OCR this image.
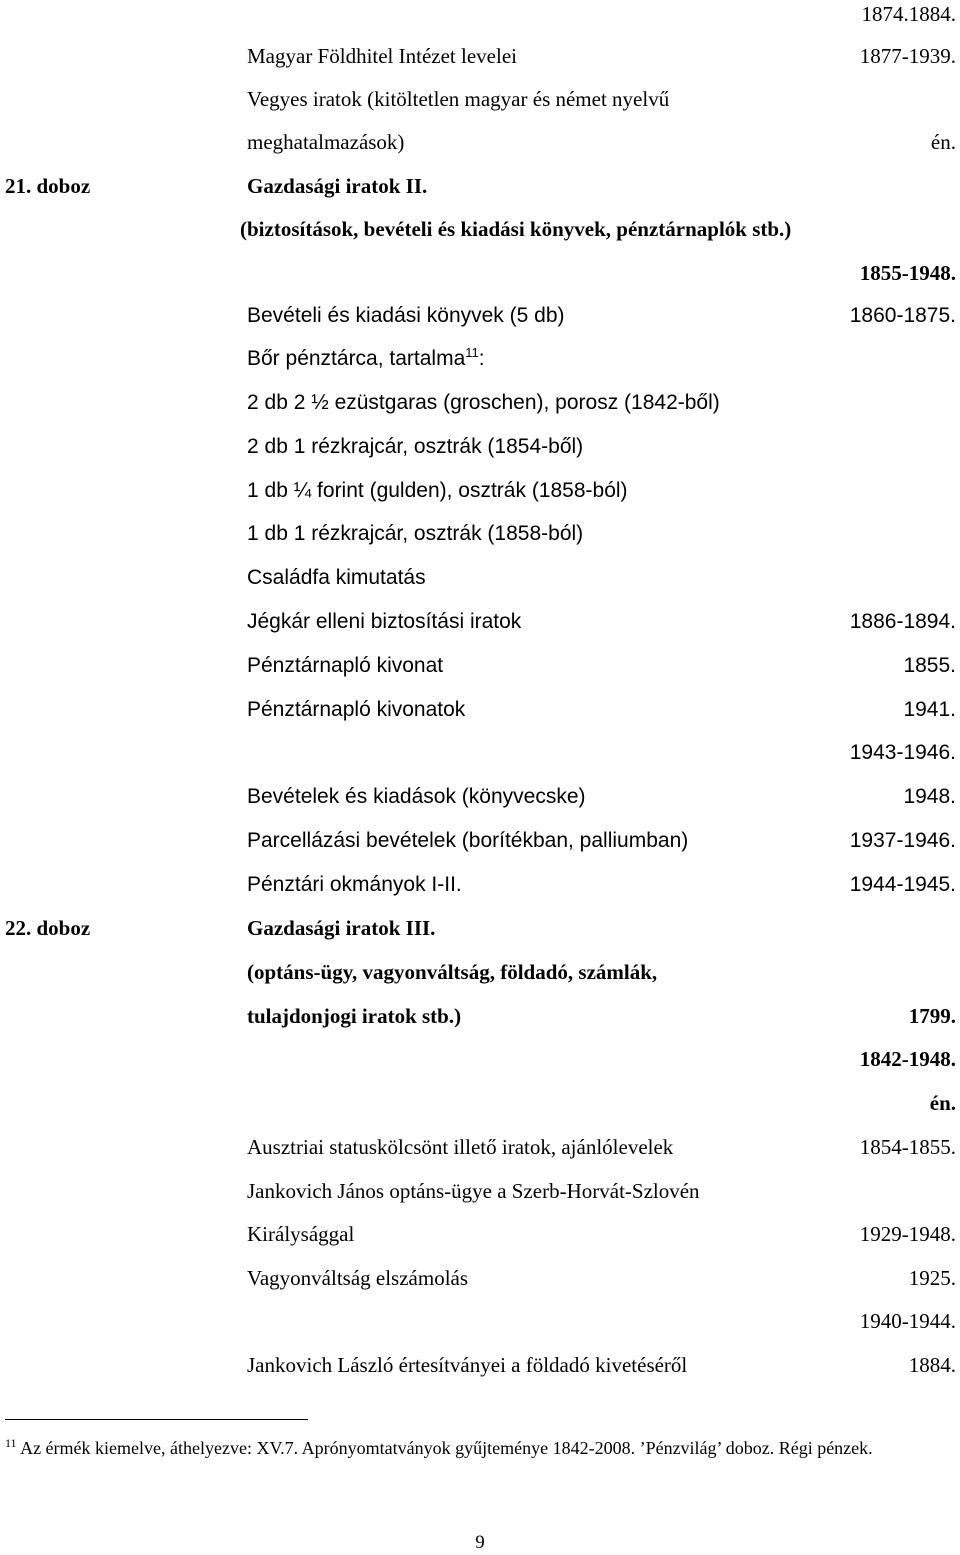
1874.1884.
Magyar Földhitel Intézet levelei	1877-1939.
Vegyes iratok (kitöltetlen magyar és német nyelvű
meghatalmazások)	én.
21. doboz	Gazdasági iratok II.
(biztosítások, bevételi és kiadási könyvek, pénztárnaplók stb.)
1855-1948.
Bevételi és kiadási könyvek (5 db)	1860-1875.
Bőr pénztárca, tartalma$^{11}$:
2 db 2 ½ ezüstgaras (groschen), porosz (1842-ből)
2 db 1 rézkrajcár, osztrák (1854-ből)
1 db ¼ forint (gulden), osztrák (1858-ból)
1 db 1 rézkrajcár, osztrák (1858-ból)
Családfa kimutatás
Jégkár elleni biztosítási iratok	1886-1894.
Pénztárnapló kivonat	1855.
Pénztárnapló kivonatok	1941.
1943-1946.
Bevételek és kiadások (könyvecske)	1948.
Parcellázási bevételek (borítékban, palliumban)	1937-1946.
Pénztári okmányok I-II.	1944-1945.
22. doboz	Gazdasági iratok III.
(optáns-ügy, vagyonváltság, földadó, számlák,
tulajdonjogi iratok stb.)	1799.
1842-1948.
én.
Ausztriai statuskölcsönt illető iratok, ajánlólevelek	1854-1855.
Jankovich János optáns-ügye a Szerb-Horvát-Szlovén
Királysággal	1929-1948.
Vagyonváltság elszámolás	1925.
1940-1944.
Jankovich László értesítványei a földadó kivetéséről	1884.
$^{11}$ Az érmék kiemelve, áthelyezve: XV.7. Aprónyomtatványok gyűjteménye 1842-2008. ’Pénzvilág’ doboz. Régi pénzek.
9
